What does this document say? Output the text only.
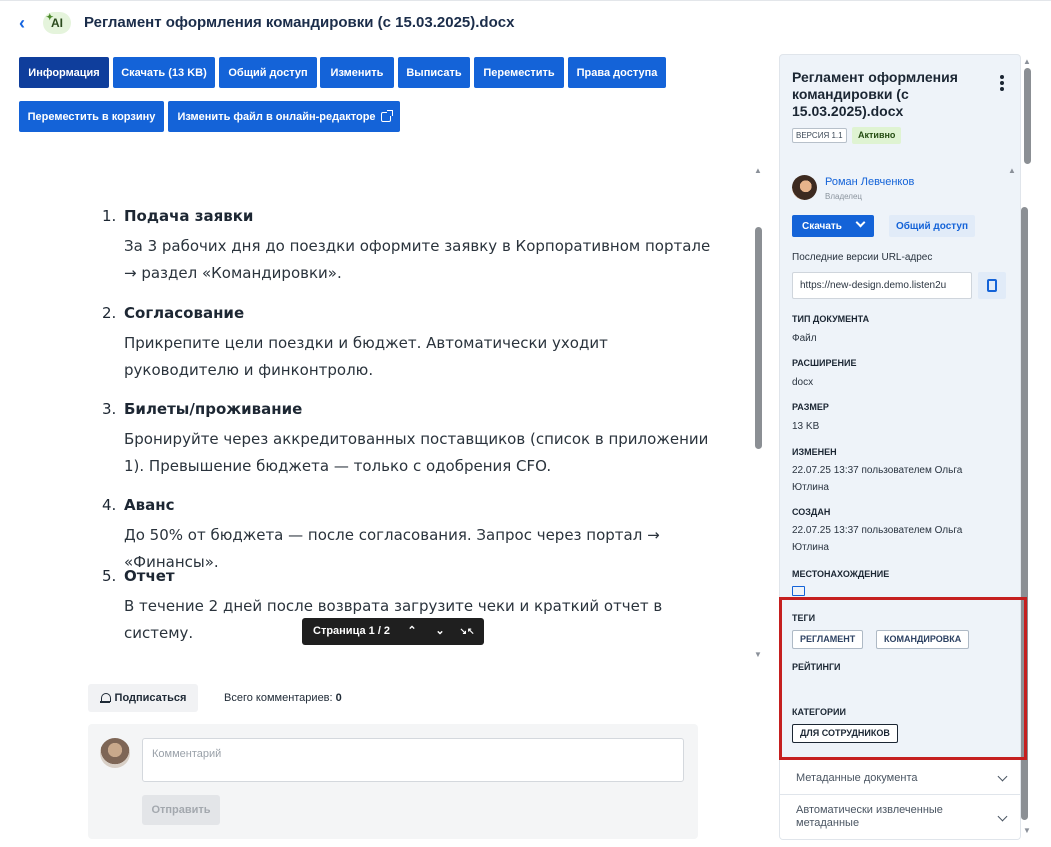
‹	✦
AI	Регламент оформления командировки (с 15.03.2025).docx
Информация	Скачать (13 KB)	Общий доступ	Изменить	Выписать	Переместить	Права доступа
Переместить в корзину	Изменить файл в онлайн-редакторе
1. Подача заявки
За 3 рабочих дня до поездки оформите заявку в Корпоративном портале → раздел «Командировки».
2. Согласование
Прикрепите цели поездки и бюджет. Автоматически уходит руководителю и финконтролю.
3. Билеты/проживание
Бронируйте через аккредитованных поставщиков (список в приложении 1). Превышение бюджета — только с одобрения CFO.
4. Аванс
До 50% от бюджета — после согласования. Запрос через портал → «Финансы».
5. Отчет
В течение 2 дней после возврата загрузите чеки и краткий отчет в систему.
▲
▼
Страница 1 / 2	⌃	⌄	↘↖
Подписаться	Всего комментариев: 0
Комментарий
Отправить
Регламент оформления командировки (с 15.03.2025).docx
ВЕРСИЯ 1.1	Активно
Роман Левченков
Владелец
Скачать	Общий доступ
Последние версии URL-адрес
https://new-design.demo.listen2u
ТИП ДОКУМЕНТА
Файл
РАСШИРЕНИЕ
docx
РАЗМЕР
13 KB
ИЗМЕНЕН
22.07.25 13:37 пользователем Ольга Ютлина
СОЗДАН
22.07.25 13:37 пользователем Ольга Ютлина
МЕСТОНАХОЖДЕНИЕ
ТЕГИ
РЕГЛАМЕНТ	КОМАНДИРОВКА
РЕЙТИНГИ
КАТЕГОРИИ
ДЛЯ СОТРУДНИКОВ
Метаданные документа
Автоматически извлеченные метаданные
▲
▲
▼
